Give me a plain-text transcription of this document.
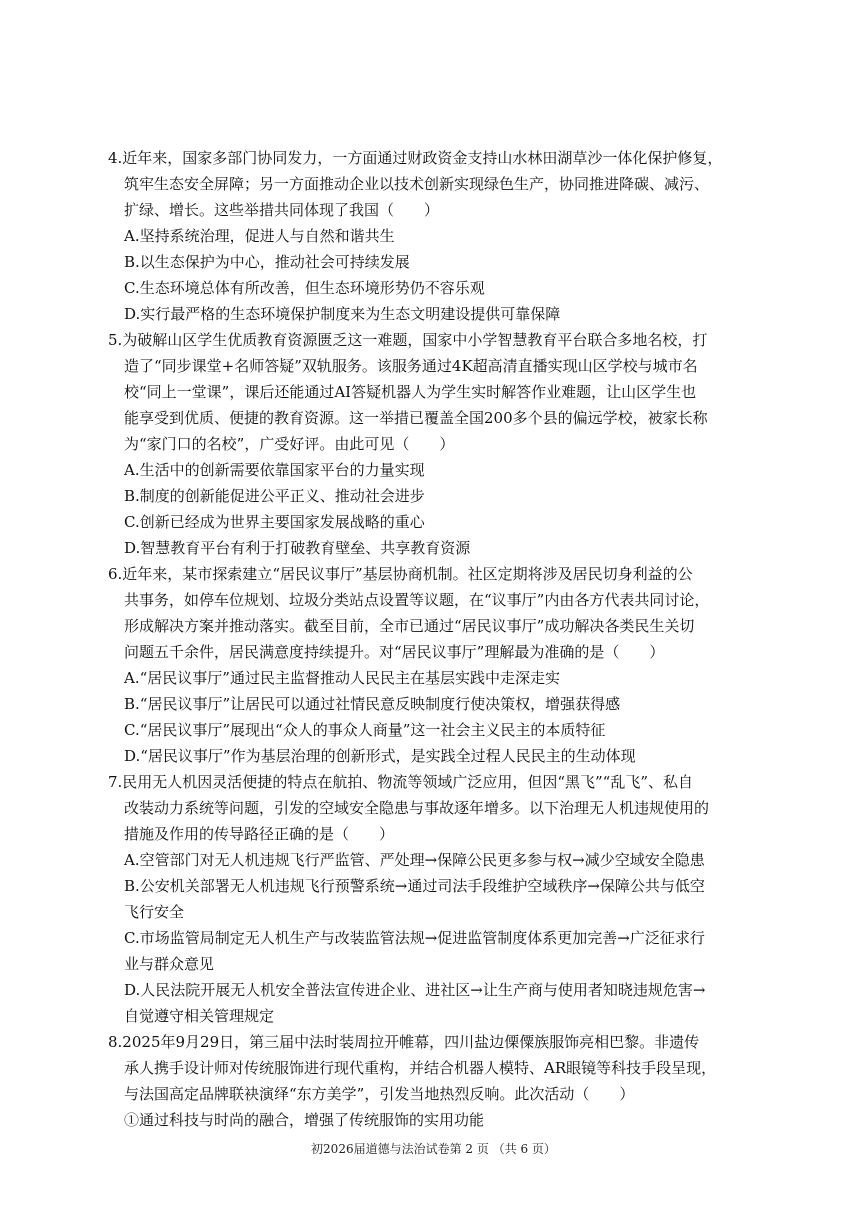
4.近年来，国家多部门协同发力，一方面通过财政资金支持山水林田湖草沙一体化保护修复，
筑牢生态安全屏障；另一方面推动企业以技术创新实现绿色生产，协同推进降碳、减污、
扩绿、增长。这些举措共同体现了我国（　　）
A.坚持系统治理，促进人与自然和谐共生
B.以生态保护为中心，推动社会可持续发展
C.生态环境总体有所改善，但生态环境形势仍不容乐观
D.实行最严格的生态环境保护制度来为生态文明建设提供可靠保障
5.为破解山区学生优质教育资源匮乏这一难题，国家中小学智慧教育平台联合多地名校，打
造了“同步课堂+名师答疑”双轨服务。该服务通过4K超高清直播实现山区学校与城市名
校“同上一堂课”，课后还能通过AI答疑机器人为学生实时解答作业难题，让山区学生也
能享受到优质、便捷的教育资源。这一举措已覆盖全国200多个县的偏远学校，被家长称
为“家门口的名校”，广受好评。由此可见（　　）
A.生活中的创新需要依靠国家平台的力量实现
B.制度的创新能促进公平正义、推动社会进步
C.创新已经成为世界主要国家发展战略的重心
D.智慧教育平台有利于打破教育壁垒、共享教育资源
6.近年来，某市探索建立“居民议事厅”基层协商机制。社区定期将涉及居民切身利益的公
共事务，如停车位规划、垃圾分类站点设置等议题，在“议事厅”内由各方代表共同讨论，
形成解决方案并推动落实。截至目前，全市已通过“居民议事厅”成功解决各类民生关切
问题五千余件，居民满意度持续提升。对“居民议事厅”理解最为准确的是（　　）
A.“居民议事厅”通过民主监督推动人民民主在基层实践中走深走实
B.“居民议事厅”让居民可以通过社情民意反映制度行使决策权，增强获得感
C.“居民议事厅”展现出“众人的事众人商量”这一社会主义民主的本质特征
D.“居民议事厅”作为基层治理的创新形式，是实践全过程人民民主的生动体现
7.民用无人机因灵活便捷的特点在航拍、物流等领域广泛应用，但因“黑飞”“乱飞”、私自
改装动力系统等问题，引发的空域安全隐患与事故逐年增多。以下治理无人机违规使用的
措施及作用的传导路径正确的是（　　）
A.空管部门对无人机违规飞行严监管、严处理→保障公民更多参与权→减少空域安全隐患
B.公安机关部署无人机违规飞行预警系统→通过司法手段维护空域秩序→保障公共与低空
飞行安全
C.市场监管局制定无人机生产与改装监管法规→促进监管制度体系更加完善→广泛征求行
业与群众意见
D.人民法院开展无人机安全普法宣传进企业、进社区→让生产商与使用者知晓违规危害→
自觉遵守相关管理规定
8.2025年9月29日，第三届中法时装周拉开帷幕，四川盐边傈僳族服饰亮相巴黎。非遗传
承人携手设计师对传统服饰进行现代重构，并结合机器人模特、AR眼镜等科技手段呈现，
与法国高定品牌联袂演绎“东方美学”，引发当地热烈反响。此次活动（　　）
①通过科技与时尚的融合，增强了传统服饰的实用功能
初2026届道德与法治试卷第 2 页 （共 6 页）
